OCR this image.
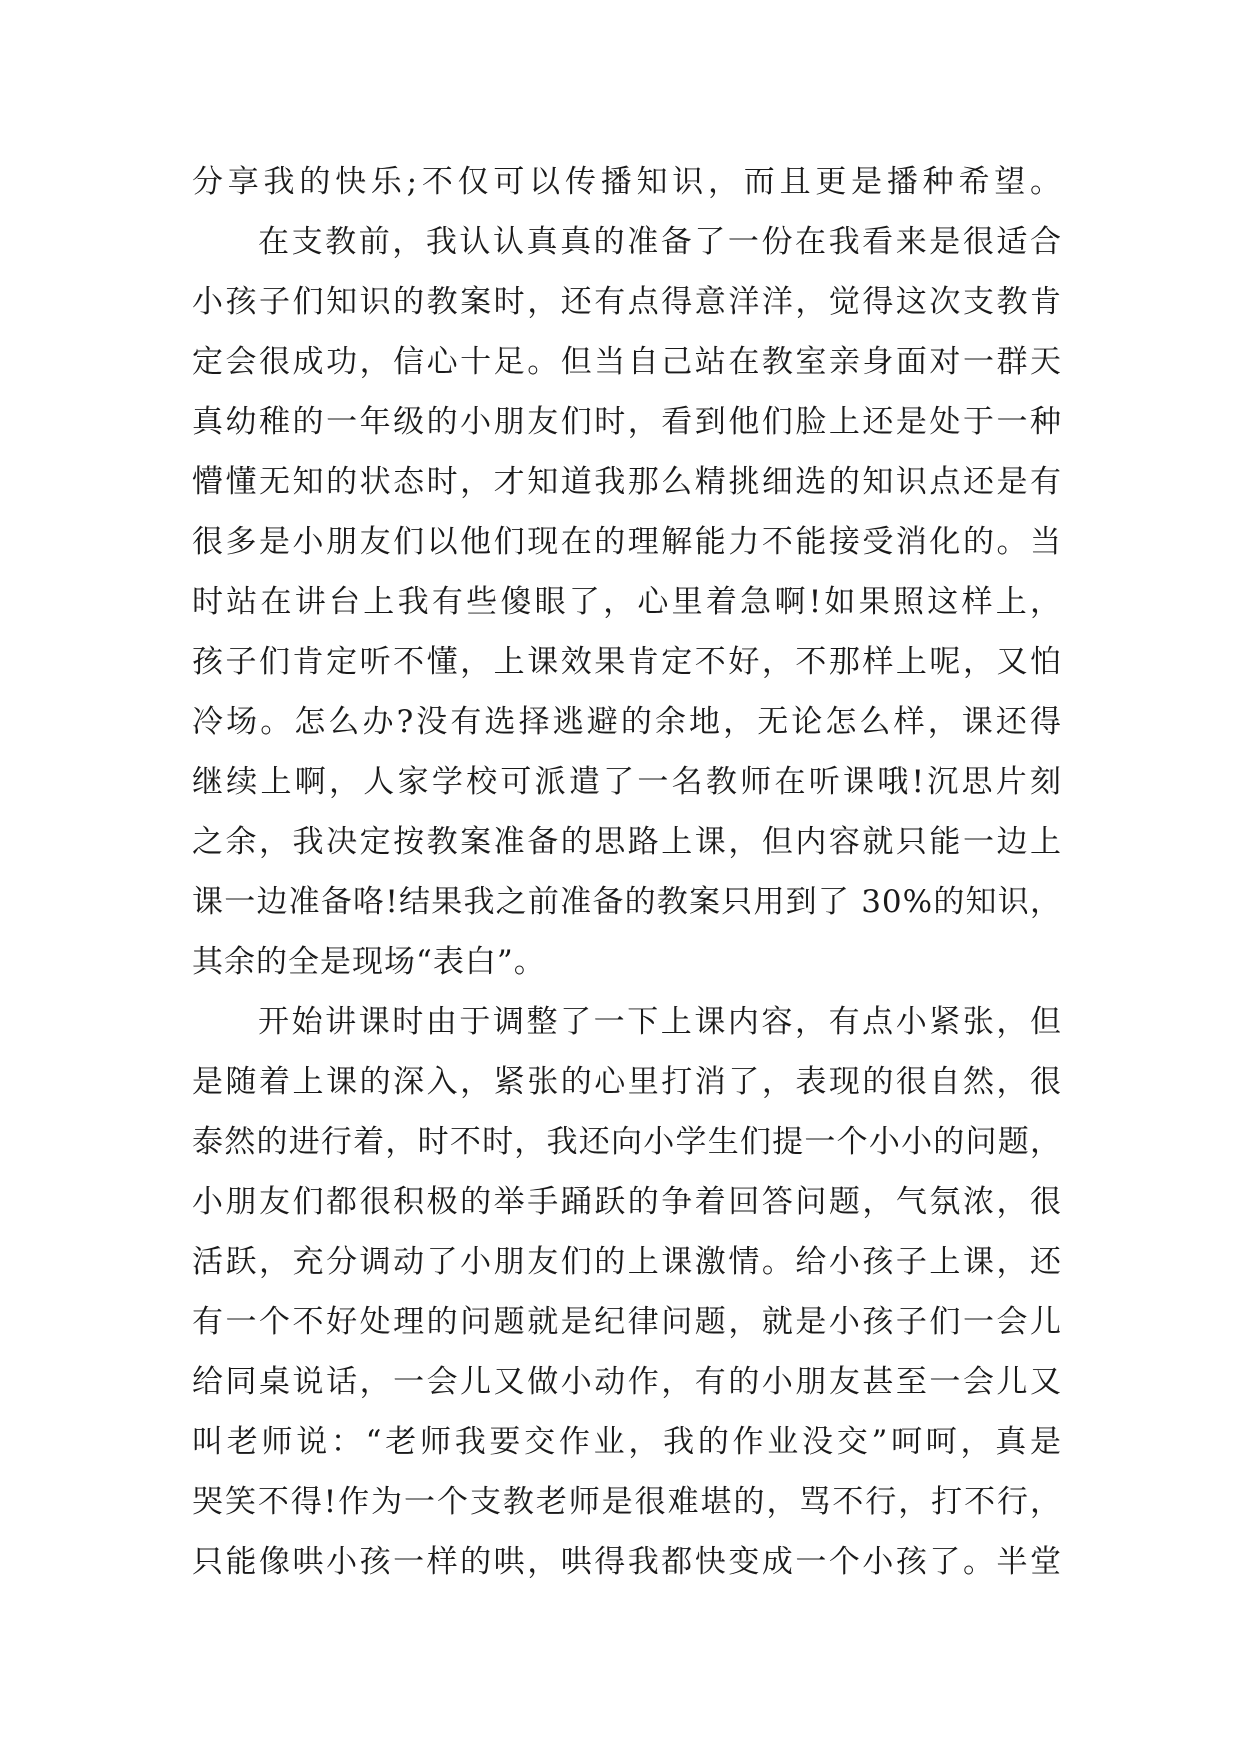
分享我的快乐;不仅可以传播知识，而且更是播种希望。
在支教前，我认认真真的准备了一份在我看来是很适合
小孩子们知识的教案时，还有点得意洋洋，觉得这次支教肯
定会很成功，信心十足。但当自己站在教室亲身面对一群天
真幼稚的一年级的小朋友们时，看到他们脸上还是处于一种
懵懂无知的状态时，才知道我那么精挑细选的知识点还是有
很多是小朋友们以他们现在的理解能力不能接受消化的。当
时站在讲台上我有些傻眼了，心里着急啊!如果照这样上，
孩子们肯定听不懂，上课效果肯定不好，不那样上呢，又怕
冷场。怎么办?没有选择逃避的余地，无论怎么样，课还得
继续上啊，人家学校可派遣了一名教师在听课哦!沉思片刻
之余，我决定按教案准备的思路上课，但内容就只能一边上
课一边准备咯!结果我之前准备的教案只用到了 30%的知识，
其余的全是现场“表白”。
开始讲课时由于调整了一下上课内容，有点小紧张，但
是随着上课的深入，紧张的心里打消了，表现的很自然，很
泰然的进行着，时不时，我还向小学生们提一个小小的问题，
小朋友们都很积极的举手踊跃的争着回答问题，气氛浓，很
活跃，充分调动了小朋友们的上课激情。给小孩子上课，还
有一个不好处理的问题就是纪律问题，就是小孩子们一会儿
给同桌说话，一会儿又做小动作，有的小朋友甚至一会儿又
叫老师说：“老师我要交作业，我的作业没交”呵呵，真是
哭笑不得!作为一个支教老师是很难堪的，骂不行，打不行，
只能像哄小孩一样的哄，哄得我都快变成一个小孩了。半堂
